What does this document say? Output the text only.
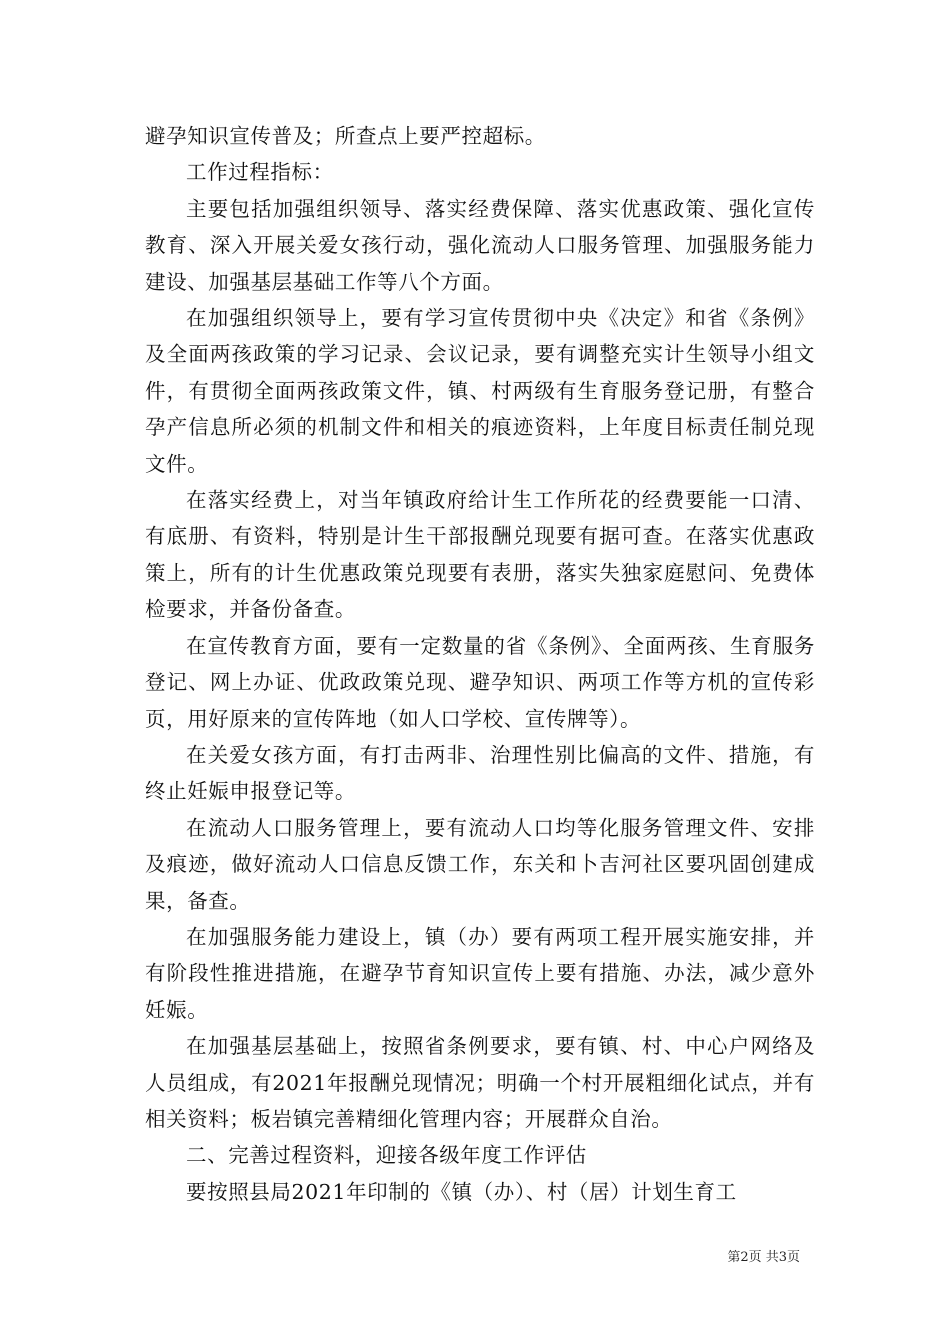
避孕知识宣传普及；所查点上要严控超标。

工作过程指标：

主要包括加强组织领导、落实经费保障、落实优惠政策、强化宣传教育、深入开展关爱女孩行动，强化流动人口服务管理、加强服务能力建设、加强基层基础工作等八个方面。

在加强组织领导上，要有学习宣传贯彻中央《决定》和省《条例》及全面两孩政策的学习记录、会议记录，要有调整充实计生领导小组文件，有贯彻全面两孩政策文件，镇、村两级有生育服务登记册，有整合孕产信息所必须的机制文件和相关的痕迹资料，上年度目标责任制兑现文件。

在落实经费上，对当年镇政府给计生工作所花的经费要能一口清、有底册、有资料，特别是计生干部报酬兑现要有据可查。在落实优惠政策上，所有的计生优惠政策兑现要有表册，落实失独家庭慰问、免费体检要求，并备份备查。

在宣传教育方面，要有一定数量的省《条例》、全面两孩、生育服务登记、网上办证、优政政策兑现、避孕知识、两项工作等方机的宣传彩页，用好原来的宣传阵地（如人口学校、宣传牌等）。

在关爱女孩方面，有打击两非、治理性别比偏高的文件、措施，有终止妊娠申报登记等。

在流动人口服务管理上，要有流动人口均等化服务管理文件、安排及痕迹，做好流动人口信息反馈工作，东关和卜吉河社区要巩固创建成果，备查。

在加强服务能力建设上，镇（办）要有两项工程开展实施安排，并有阶段性推进措施，在避孕节育知识宣传上要有措施、办法，减少意外妊娠。

在加强基层基础上，按照省条例要求，要有镇、村、中心户网络及人员组成，有2021年报酬兑现情况；明确一个村开展粗细化试点，并有相关资料；板岩镇完善精细化管理内容；开展群众自治。

二、完善过程资料，迎接各级年度工作评估

要按照县局2021年印制的《镇（办）、村（居）计划生育工

第2页 共3页
